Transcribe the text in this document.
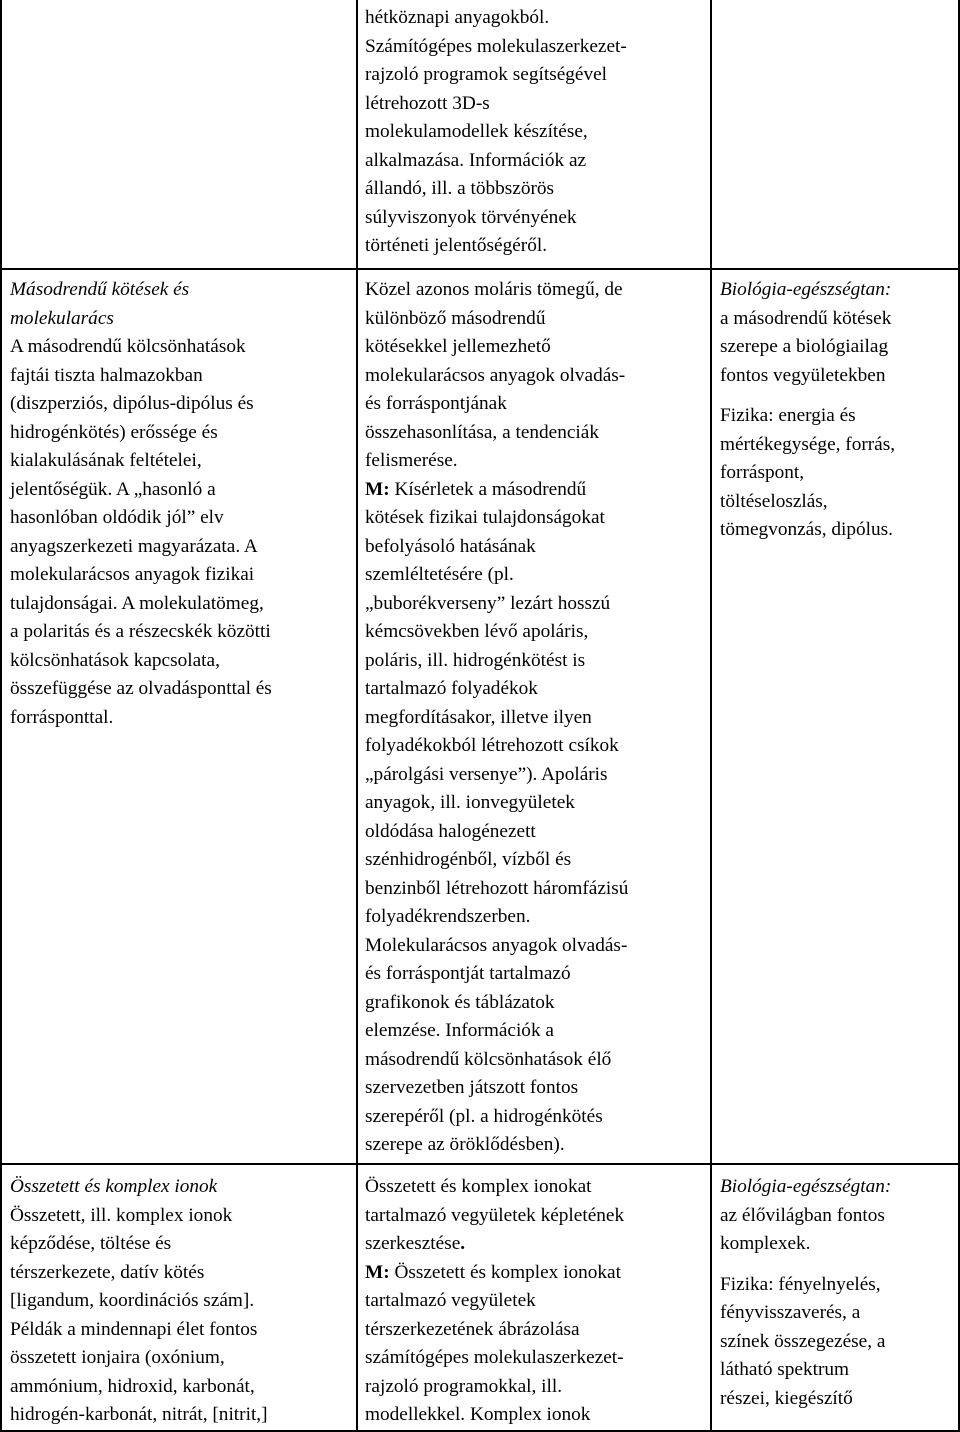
hétköznapi anyagokból.

Számítógépes molekulaszerkezet-

rajzoló programok segítségével

létrehozott 3D-s

molekulamodellek készítése,

alkalmazása. Információk az

állandó, ill. a többszörös

súlyviszonyok törvényének

történeti jelentőségéről.

Másodrendű kötések és

molekularács

A másodrendű kölcsönhatások

fajtái tiszta halmazokban

(diszperziós, dipólus-dipólus és

hidrogénkötés) erőssége és

kialakulásának feltételei,

jelentőségük. A „hasonló a

hasonlóban oldódik jól” elv

anyagszerkezeti magyarázata. A

molekularácsos anyagok fizikai

tulajdonságai. A molekulatömeg,

a polaritás és a részecskék közötti

kölcsönhatások kapcsolata,

összefüggése az olvadásponttal és

forrásponttal.

Közel azonos moláris tömegű, de

különböző másodrendű

kötésekkel jellemezhető

molekularácsos anyagok olvadás-

és forráspontjának

összehasonlítása, a tendenciák

felismerése.

M: Kísérletek a másodrendű

kötések fizikai tulajdonságokat

befolyásoló hatásának

szemléltetésére (pl.

„buborékverseny” lezárt hosszú

kémcsövekben lévő apoláris,

poláris, ill. hidrogénkötést is

tartalmazó folyadékok

megfordításakor, illetve ilyen

folyadékokból létrehozott csíkok

„párolgási versenye”). Apoláris

anyagok, ill. ionvegyületek

oldódása halogénezett

szénhidrogénből, vízből és

benzinből létrehozott háromfázisú

folyadékrendszerben.

Molekularácsos anyagok olvadás-

és forráspontját tartalmazó

grafikonok és táblázatok

elemzése. Információk a

másodrendű kölcsönhatások élő

szervezetben játszott fontos

szerepéről (pl. a hidrogénkötés

szerepe az öröklődésben).

Biológia-egészségtan:

a másodrendű kötések

szerepe a biológiailag

fontos vegyületekben

Fizika: energia és

mértékegysége, forrás,

forráspont,

töltéseloszlás,

tömegvonzás, dipólus.

Összetett és komplex ionok

Összetett, ill. komplex ionok

képződése, töltése és

térszerkezete, datív kötés

[ligandum, koordinációs szám].

Példák a mindennapi élet fontos

összetett ionjaira (oxónium,

ammónium, hidroxid, karbonát,

hidrogén-karbonát, nitrát, [nitrit,]

Összetett és komplex ionokat

tartalmazó vegyületek képletének

szerkesztése.

M: Összetett és komplex ionokat

tartalmazó vegyületek

térszerkezetének ábrázolása

számítógépes molekulaszerkezet-

rajzoló programokkal, ill.

modellekkel. Komplex ionok

Biológia-egészségtan:

az élővilágban fontos

komplexek.

Fizika: fényelnyelés,

fényvisszaverés, a

színek összegezése, a

látható spektrum

részei, kiegészítő
